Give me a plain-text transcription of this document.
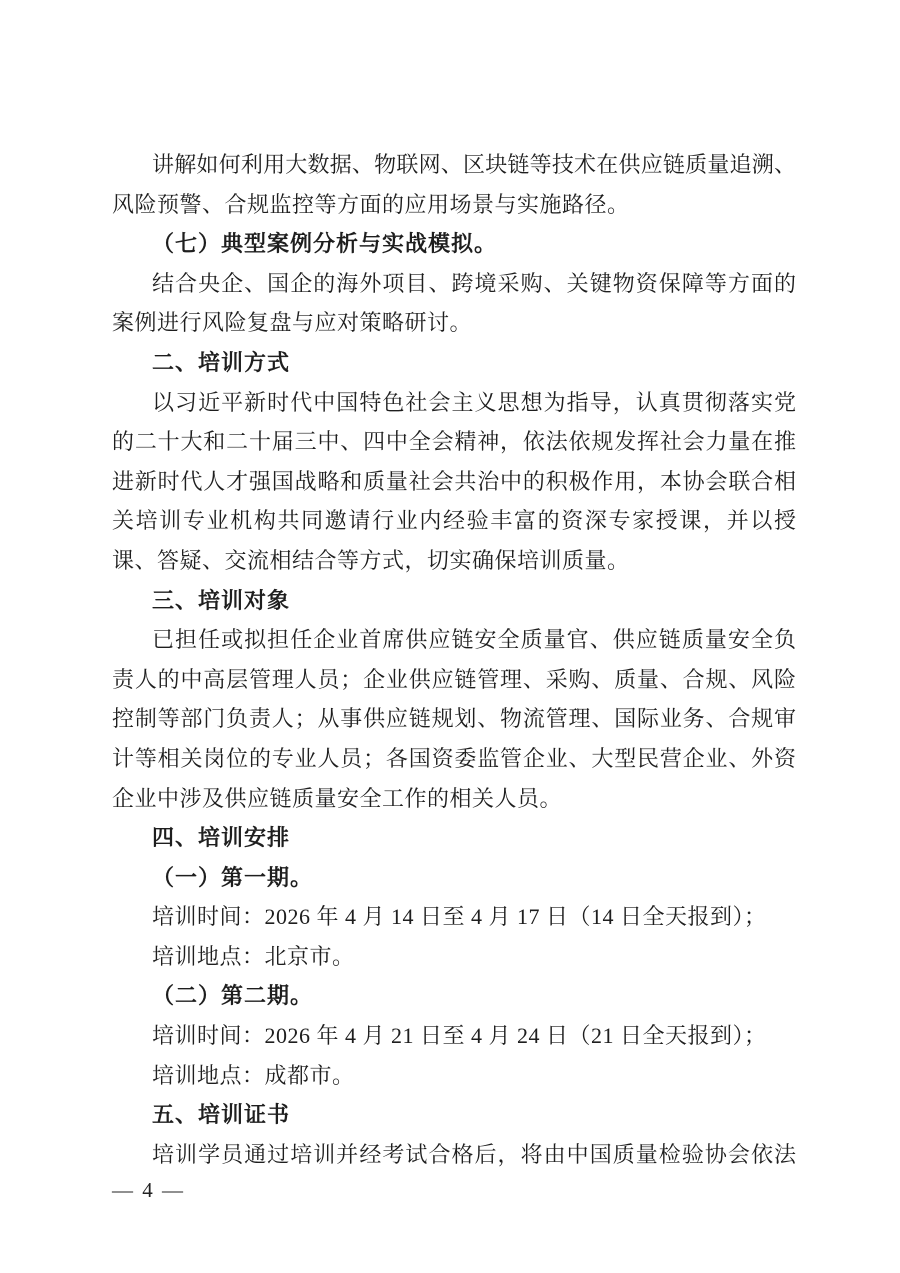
讲解如何利用大数据、物联网、区块链等技术在供应链质量追溯、
风险预警、合规监控等方面的应用场景与实施路径。
（七）典型案例分析与实战模拟。
结合央企、国企的海外项目、跨境采购、关键物资保障等方面的
案例进行风险复盘与应对策略研讨。
二、培训方式
以习近平新时代中国特色社会主义思想为指导，认真贯彻落实党
的二十大和二十届三中、四中全会精神，依法依规发挥社会力量在推
进新时代人才强国战略和质量社会共治中的积极作用，本协会联合相
关培训专业机构共同邀请行业内经验丰富的资深专家授课，并以授
课、答疑、交流相结合等方式，切实确保培训质量。
三、培训对象
已担任或拟担任企业首席供应链安全质量官、供应链质量安全负
责人的中高层管理人员；企业供应链管理、采购、质量、合规、风险
控制等部门负责人；从事供应链规划、物流管理、国际业务、合规审
计等相关岗位的专业人员；各国资委监管企业、大型民营企业、外资
企业中涉及供应链质量安全工作的相关人员。
四、培训安排
（一）第一期。
培训时间：2026 年 4 月 14 日至 4 月 17 日（14 日全天报到）；
培训地点：北京市。
（二）第二期。
培训时间：2026 年 4 月 21 日至 4 月 24 日（21 日全天报到）；
培训地点：成都市。
五、培训证书
培训学员通过培训并经考试合格后，将由中国质量检验协会依法
— 4 —
